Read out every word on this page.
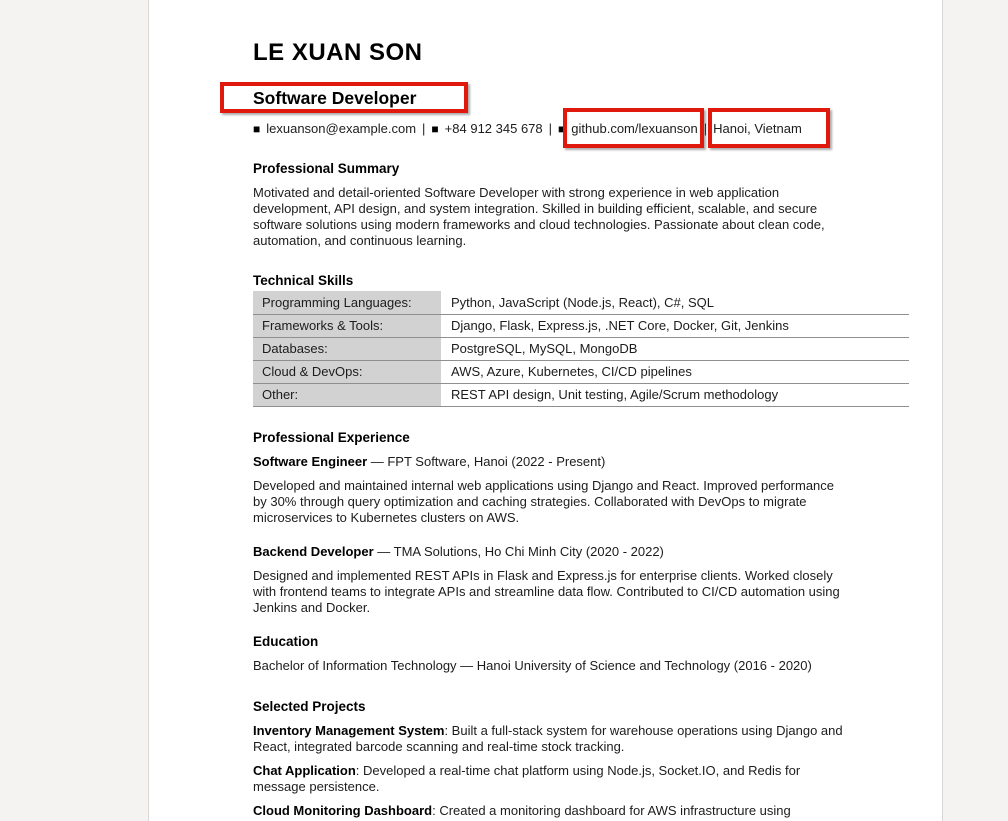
LE XUAN SON
Software Developer
■ lexuanson@example.com | ■ +84 912 345 678 | ■ github.com/lexuanson | Hanoi, Vietnam
Professional Summary

Motivated and detail-oriented Software Developer with strong experience in web application development, API design, and system integration. Skilled in building efficient, scalable, and secure software solutions using modern frameworks and cloud technologies. Passionate about clean code, automation, and continuous learning.

Technical Skills
Programming Languages:	Python, JavaScript (Node.js, React), C#, SQL
Frameworks & Tools:	Django, Flask, Express.js, .NET Core, Docker, Git, Jenkins
Databases:	PostgreSQL, MySQL, MongoDB
Cloud & DevOps:	AWS, Azure, Kubernetes, CI/CD pipelines
Other:	REST API design, Unit testing, Agile/Scrum methodology
Professional Experience

Software Engineer — FPT Software, Hanoi (2022 - Present)

Developed and maintained internal web applications using Django and React. Improved performance by 30% through query optimization and caching strategies. Collaborated with DevOps to migrate microservices to Kubernetes clusters on AWS.

Backend Developer — TMA Solutions, Ho Chi Minh City (2020 - 2022)

Designed and implemented REST APIs in Flask and Express.js for enterprise clients. Worked closely with frontend teams to integrate APIs and streamline data flow. Contributed to CI/CD automation using Jenkins and Docker.

Education

Bachelor of Information Technology — Hanoi University of Science and Technology (2016 - 2020)

Selected Projects

Inventory Management System: Built a full-stack system for warehouse operations using Django and React, integrated barcode scanning and real-time stock tracking.

Chat Application: Developed a real-time chat platform using Node.js, Socket.IO, and Redis for message persistence.

Cloud Monitoring Dashboard: Created a monitoring dashboard for AWS infrastructure using
